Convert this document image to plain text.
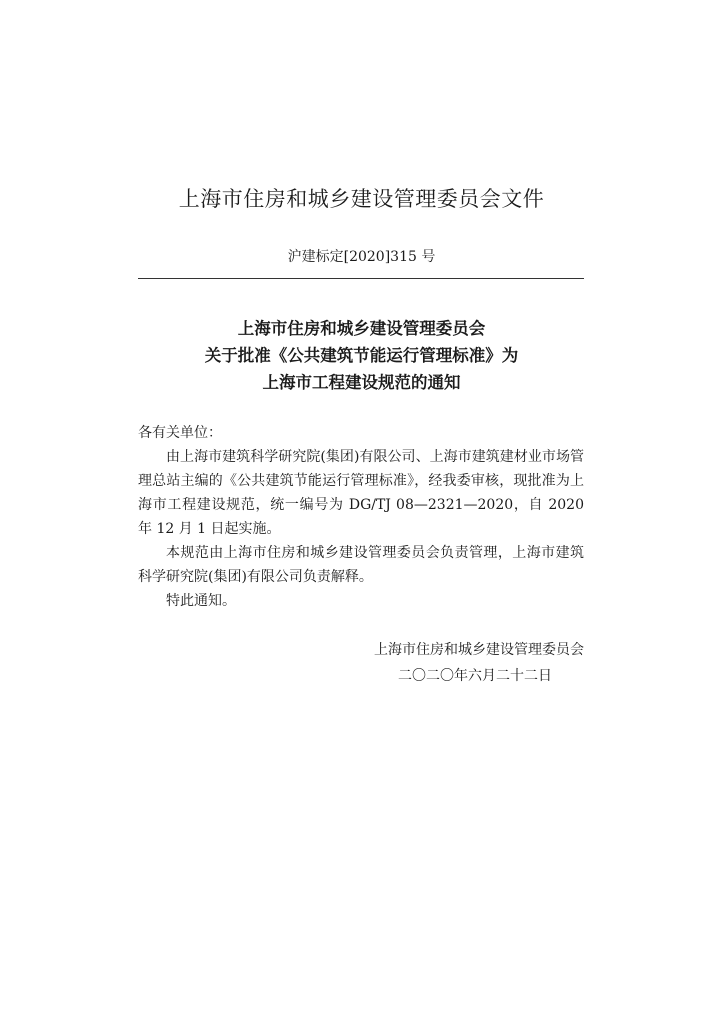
上海市住房和城乡建设管理委员会文件
沪建标定[2020]315 号
上海市住房和城乡建设管理委员会
关于批准《公共建筑节能运行管理标准》为
上海市工程建设规范的通知
各有关单位：

由上海市建筑科学研究院(集团)有限公司、上海市建筑建材业市场管理总站主编的《公共建筑节能运行管理标准》，经我委审核，现批准为上海市工程建设规范，统一编号为 DG/TJ 08—2321—2020，自 2020 年 12 月 1 日起实施。

本规范由上海市住房和城乡建设管理委员会负责管理，上海市建筑科学研究院(集团)有限公司负责解释。

特此通知。

上海市住房和城乡建设管理委员会
二〇二〇年六月二十二日
